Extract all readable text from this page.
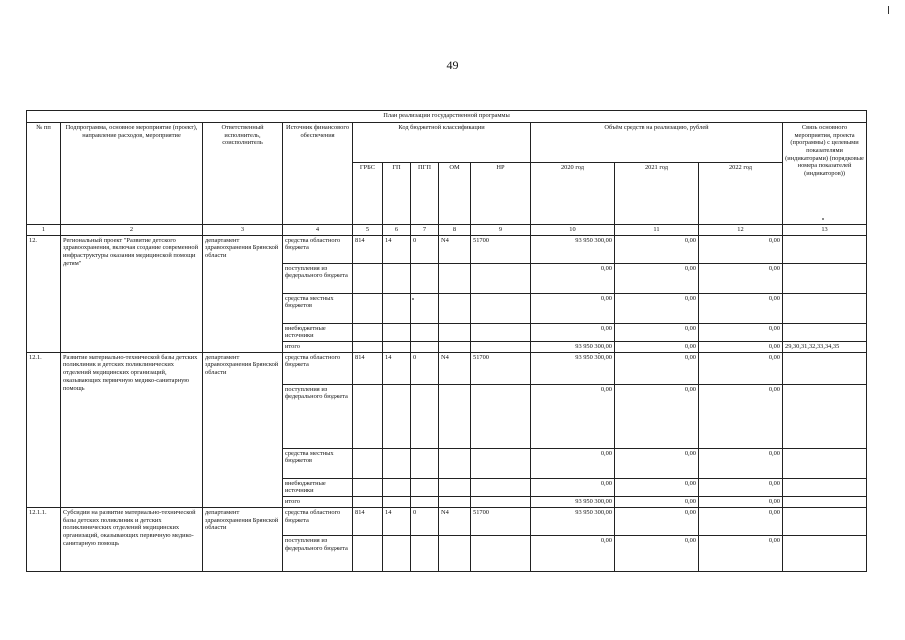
49
План реализации государственной программы												
№ пп	Подпрограмма, основное мероприятие (проект), направление расходов, мероприятие	Ответственный исполнитель, соисполнитель	Источник финансового обеспечения	Код бюджетной классификации					Объём средств на реализацию, рублей			Связь основного мероприятия, проекта (программы) с целевыми показателями (индикаторами) (порядковые номера показателей (индикаторов))
				ГРБС	ГП	ПГП	ОМ	НР	2020 год	2021 год	2022 год	
1	2	3	4	5	6	7	8	9	10	11	12	13
12.	Региональный проект "Развитие детского здравоохранения, включая создание современной инфраструктуры оказания медицинской помощи детям"	департамент здравоохранения Брянской области	средства областного бюджета	814	14	0	N4	51700	93 950 300,00	0,00	0,00	
			поступления из федерального бюджета						0,00	0,00	0,00	
			средства местных бюджетов						0,00	0,00	0,00	
			внебюджетные источники						0,00	0,00	0,00	
			итого						93 950 300,00	0,00	0,00	29,30,31,32,33,34,35
12.1.	Развитие материально-технической базы детских поликлиник и детских поликлинических отделений медицинских организаций, оказывающих первичную медико-санитарную помощь	департамент здравоохранения Брянской области	средства областного бюджета	814	14	0	N4	51700	93 950 300,00	0,00	0,00	
			поступления из федерального бюджета						0,00	0,00	0,00	
			средства местных бюджетов						0,00	0,00	0,00	
			внебюджетные источники						0,00	0,00	0,00	
			итого						93 950 300,00	0,00	0,00	
12.1.1.	Субсидии на развитие материально-технической базы детских поликлиник и детских поликлинических отделений медицинских организаций, оказывающих первичную медико-санитарную помощь	департамент здравоохранения Брянской области	средства областного бюджета	814	14	0	N4	51700	93 950 300,00	0,00	0,00	
			поступления из федерального бюджета						0,00	0,00	0,00	
